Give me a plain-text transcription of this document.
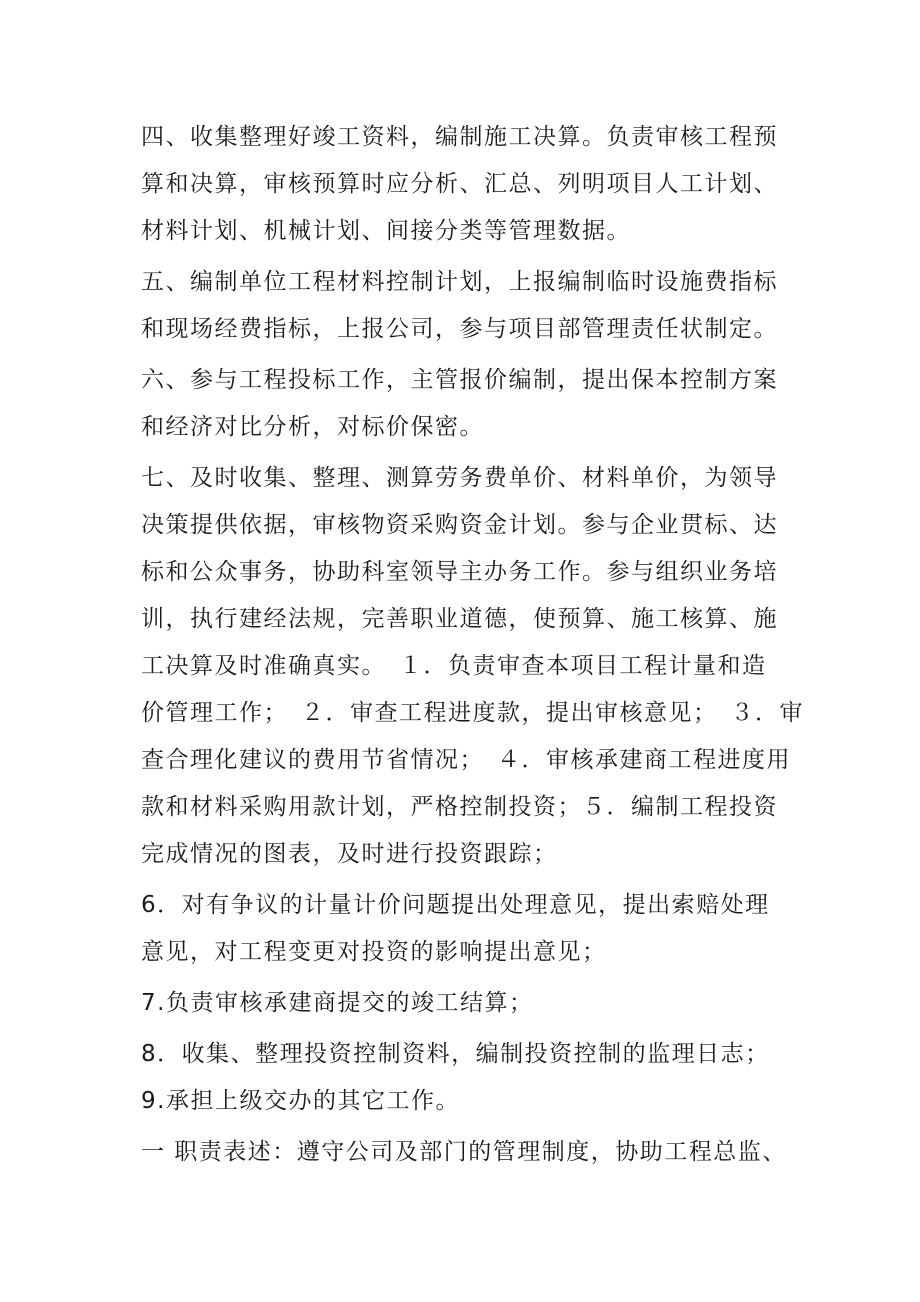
四、收集整理好竣工资料，编制施工决算。负责审核工程预
算和决算，审核预算时应分析、汇总、列明项目人工计划、
材料计划、机械计划、间接分类等管理数据。
五、编制单位工程材料控制计划，上报编制临时设施费指标
和现场经费指标，上报公司，参与项目部管理责任状制定。
六、参与工程投标工作，主管报价编制，提出保本控制方案
和经济对比分析，对标价保密。
七、及时收集、整理、测算劳务费单价、材料单价，为领导
决策提供依据，审核物资采购资金计划。参与企业贯标、达
标和公众事务，协助科室领导主办务工作。参与组织业务培
训，执行建经法规，完善职业道德，使预算、施工核算、施
工决算及时准确真实。　１．负责审查本项目工程计量和造
价管理工作；　２．审查工程进度款，提出审核意见；　３．审
查合理化建议的费用节省情况；　４．审核承建商工程进度用
款和材料采购用款计划，严格控制投资；５．编制工程投资
完成情况的图表，及时进行投资跟踪；
6．对有争议的计量计价问题提出处理意见，提出索赔处理
意见，对工程变更对投资的影响提出意见；
7.负责审核承建商提交的竣工结算；
8．收集、整理投资控制资料，编制投资控制的监理日志；
9.承担上级交办的其它工作。
一 职责表述：遵守公司及部门的管理制度，协助工程总监、
